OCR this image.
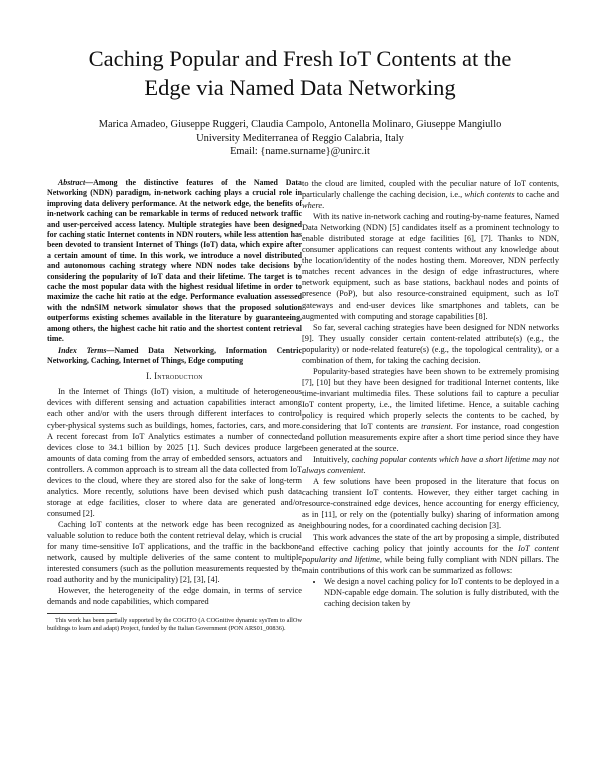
Caching Popular and Fresh IoT Contents at the
Edge via Named Data Networking
Marica Amadeo, Giuseppe Ruggeri, Claudia Campolo, Antonella Molinaro, Giuseppe Mangiullo
University Mediterranea of Reggio Calabria, Italy
Email: {name.surname}@unirc.it

Abstract—Among the distinctive features of the Named Data Networking (NDN) paradigm, in-network caching plays a crucial role in improving data delivery performance. At the network edge, the benefits of in-network caching can be remarkable in terms of reduced network traffic and user-perceived access latency. Multiple strategies have been designed for caching static Internet contents in NDN routers, while less attention has been devoted to transient Internet of Things (IoT) data, which expire after a certain amount of time. In this work, we introduce a novel distributed and autonomous caching strategy where NDN nodes take decisions by considering the popularity of IoT data and their lifetime. The target is to cache the most popular data with the highest residual lifetime in order to maximize the cache hit ratio at the edge. Performance evaluation assessed with the ndnSIM network simulator shows that the proposed solution outperforms existing schemes available in the literature by guaranteeing, among others, the highest cache hit ratio and the shortest content retrieval time.

Index Terms—Named Data Networking, Information Centric Networking, Caching, Internet of Things, Edge computing

I. Introduction

In the Internet of Things (IoT) vision, a multitude of heterogeneous devices with different sensing and actuation capabilities interact among each other and/or with the users through different interfaces to control cyber-physical systems such as buildings, homes, factories, cars, and more. A recent forecast from IoT Analytics estimates a number of connected devices close to 34.1 billion by 2025 [1]. Such devices produce large amounts of data coming from the array of embedded sensors, actuators and controllers. A common approach is to stream all the data collected from IoT devices to the cloud, where they are stored also for the sake of long-term analytics. More recently, solutions have been devised which push data storage at edge facilities, closer to where data are generated and/or consumed [2].

Caching IoT contents at the network edge has been recognized as a valuable solution to reduce both the content retrieval delay, which is crucial for many time-sensitive IoT applications, and the traffic in the backbone network, caused by multiple deliveries of the same content to multiple interested consumers (such as the pollution measurements requested by the road authority and by the municipality) [2], [3], [4].

However, the heterogeneity of the edge domain, in terms of service demands and node capabilities, which compared

This work has been partially supported by the COGITO (A COGnitive dynamic sysTem to allOw buildings to learn and adapt) Project, funded by the Italian Government (PON ARS01_00836).

to the cloud are limited, coupled with the peculiar nature of IoT contents, particularly challenge the caching decision, i.e., which contents to cache and where.

With its native in-network caching and routing-by-name features, Named Data Networking (NDN) [5] candidates itself as a prominent technology to enable distributed storage at edge facilities [6], [7]. Thanks to NDN, consumer applications can request contents without any knowledge about the location/identity of the nodes hosting them. Moreover, NDN perfectly matches recent advances in the design of edge infrastructures, where network equipment, such as base stations, backhaul nodes and points of presence (PoP), but also resource-constrained equipment, such as IoT gateways and end-user devices like smartphones and tablets, can be augmented with computing and storage capabilities [8].

So far, several caching strategies have been designed for NDN networks [9]. They usually consider certain content-related attribute(s) (e.g., the popularity) or node-related feature(s) (e.g., the topological centrality), or a combination of them, for taking the caching decision.

Popularity-based strategies have been shown to be extremely promising [7], [10] but they have been designed for traditional Internet contents, like time-invariant multimedia files. These solutions fail to capture a peculiar IoT content property, i.e., the limited lifetime. Hence, a suitable caching policy is required which properly selects the contents to be cached, by considering that IoT contents are transient. For instance, road congestion and pollution measurements expire after a short time period since they have been generated at the source.

Intuitively, caching popular contents which have a short lifetime may not always convenient.

A few solutions have been proposed in the literature that focus on caching transient IoT contents. However, they either target caching in resource-constrained edge devices, hence accounting for energy efficiency, as in [11], or rely on the (potentially bulky) sharing of information among neighbouring nodes, for a coordinated caching decision [3].

This work advances the state of the art by proposing a simple, distributed and effective caching policy that jointly accounts for the IoT content popularity and lifetime, while being fully compliant with NDN pillars. The main contributions of this work can be summarized as follows:

• We design a novel caching policy for IoT contents to be deployed in a NDN-capable edge domain. The solution is fully distributed, with the caching decision taken by
